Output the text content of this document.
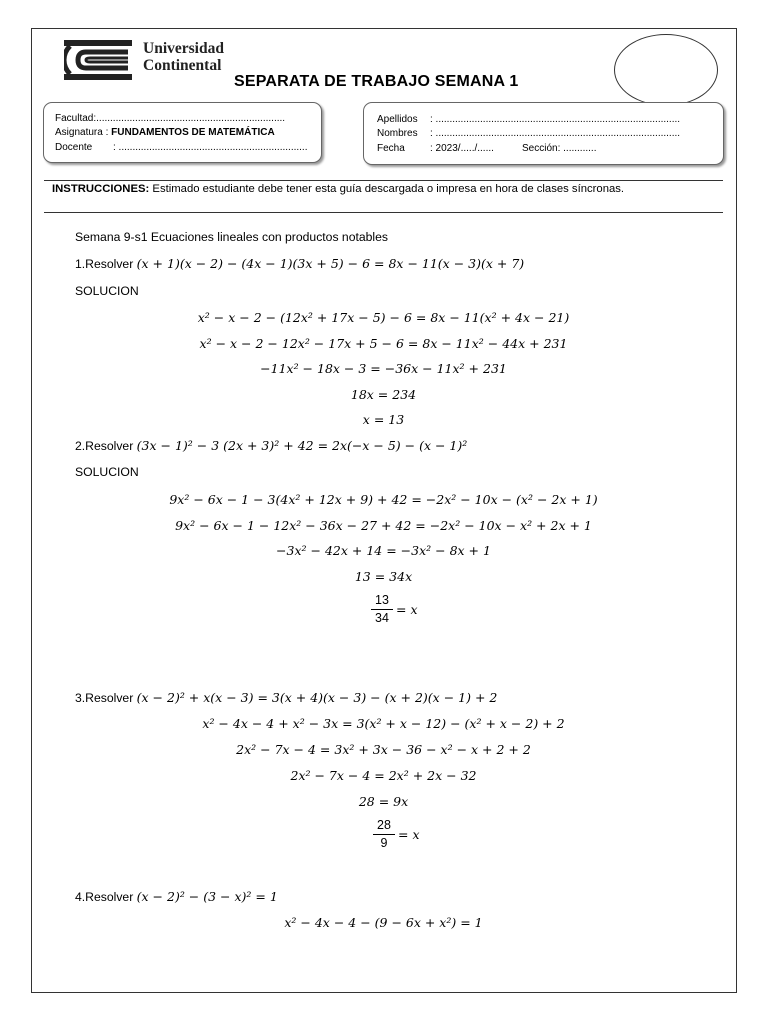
Universidad
Continental
SEPARATA DE TRABAJO SEMANA 1
Facultad:....................................................................
Asignatura : FUNDAMENTOS DE MATEMÁTICA
Docente : ....................................................................
Apellidos : ........................................................................................
Nombres : ........................................................................................
Fecha	: 2023/...../......	Sección: ............
INSTRUCCIONES: Estimado estudiante debe tener esta guía descargada o impresa en hora de clases síncronas.
Semana 9-s1 Ecuaciones lineales con productos notables
1.Resolver (x + 1)(x − 2) − (4x − 1)(3x + 5) − 6 = 8x − 11(x − 3)(x + 7)
SOLUCION
x² − x − 2 − (12x² + 17x − 5) − 6 = 8x − 11(x² + 4x − 21)
x² − x − 2 − 12x² − 17x + 5 − 6 = 8x − 11x² − 44x + 231
−11x² − 18x − 3 = −36x − 11x² + 231
18x = 234
x = 13
2.Resolver (3x − 1)² − 3 (2x + 3)² + 42 = 2x(−x − 5) − (x − 1)²
SOLUCION
9x² − 6x − 1 − 3(4x² + 12x + 9) + 42 = −2x² − 10x − (x² − 2x + 1)
9x² − 6x − 1 − 12x² − 36x − 27 + 42 = −2x² − 10x − x² + 2x + 1
−3x² − 42x + 14 = −3x² − 8x + 1
13 = 34x
13
34
= x
3.Resolver (x − 2)² + x(x − 3) = 3(x + 4)(x − 3) − (x + 2)(x − 1) + 2
x² − 4x − 4 + x² − 3x = 3(x² + x − 12) − (x² + x − 2) + 2
2x² − 7x − 4 = 3x² + 3x − 36 − x² − x + 2 + 2
2x² − 7x − 4 = 2x² + 2x − 32
28 = 9x
28
9
= x
4.Resolver (x − 2)² − (3 − x)² = 1
x² − 4x − 4 − (9 − 6x + x²) = 1
